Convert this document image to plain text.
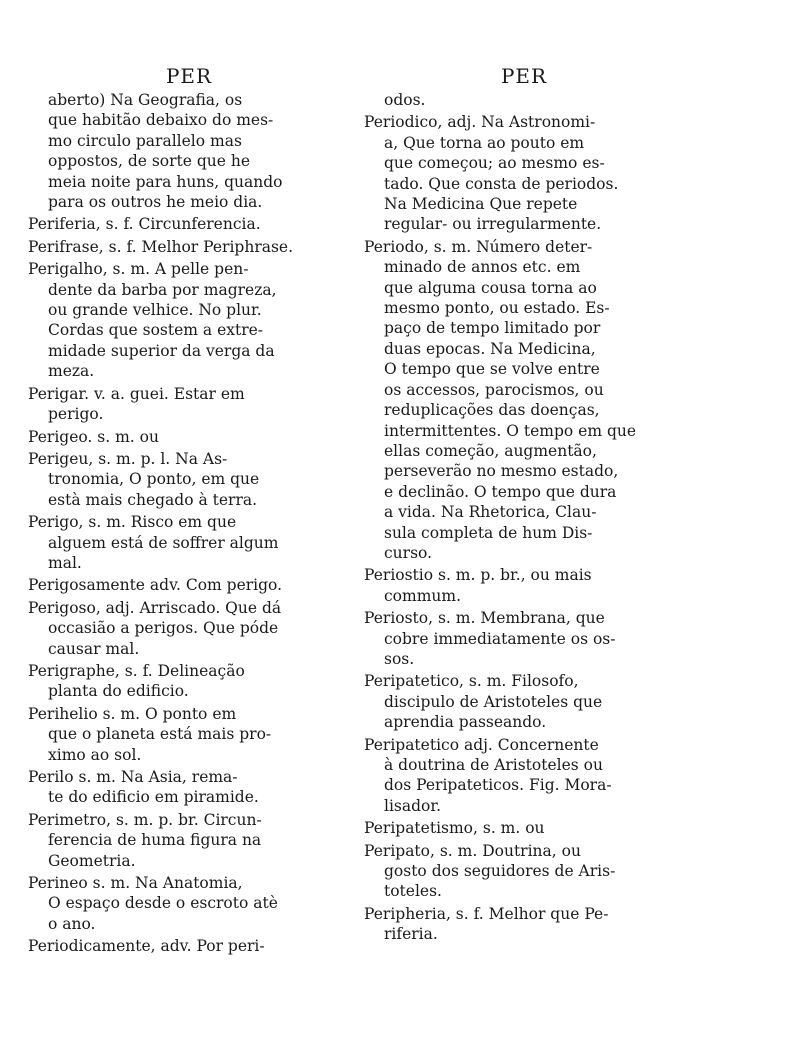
PER
aberto) Na Geografia, os
que habitão debaixo do mes-
mo circulo parallelo mas
oppostos, de sorte que he
meia noite para huns, quando
para os outros he meio dia.
Periferia, s. f. Circunferencia.
Perifrase, s. f. Melhor Periphrase.
Perigalho, s. m. A pelle pen-
dente da barba por magreza,
ou grande velhice. No plur.
Cordas que sostem a extre-
midade superior da verga da
meza.
Perigar. v. a. guei. Estar em
perigo.
Perigeo. s. m. ou
Perigeu, s. m. p. l. Na As-
tronomia, O ponto, em que
està mais chegado à terra.
Perigo, s. m. Risco em que
alguem está de soffrer algum
mal.
Perigosamente adv. Com perigo.
Perigoso, adj. Arriscado. Que dá
occasião a perigos. Que póde
causar mal.
Perigraphe, s. f. Delineação
planta do edificio.
Perihelio s. m. O ponto em
que o planeta está mais pro-
ximo ao sol.
Perilo s. m. Na Asia, rema-
te do edificio em piramide.
Perimetro, s. m. p. br. Circun-
ferencia de huma figura na
Geometria.
Perineo s. m. Na Anatomia,
O espaço desde o escroto atè
o ano.
Periodicamente, adv. Por peri-
PER
odos.
Periodico, adj. Na Astronomi-
a, Que torna ao pouto em
que começou; ao mesmo es-
tado. Que consta de periodos.
Na Medicina Que repete
regular- ou irregularmente.
Periodo, s. m. Número deter-
minado de annos etc. em
que alguma cousa torna ao
mesmo ponto, ou estado. Es-
paço de tempo limitado por
duas epocas. Na Medicina,
O tempo que se volve entre
os accessos, parocismos, ou
reduplicações das doenças,
intermittentes. O tempo em que
ellas começão, augmentão,
perseverão no mesmo estado,
e declinão. O tempo que dura
a vida. Na Rhetorica, Clau-
sula completa de hum Dis-
curso.
Periostio s. m. p. br., ou mais
commum.
Periosto, s. m. Membrana, que
cobre immediatamente os os-
sos.
Peripatetico, s. m. Filosofo,
discipulo de Aristoteles que
aprendia passeando.
Peripatetico adj. Concernente
à doutrina de Aristoteles ou
dos Peripateticos. Fig. Mora-
lisador.
Peripatetismo, s. m. ou
Peripato, s. m. Doutrina, ou
gosto dos seguidores de Aris-
toteles.
Peripheria, s. f. Melhor que Pe-
riferia.
